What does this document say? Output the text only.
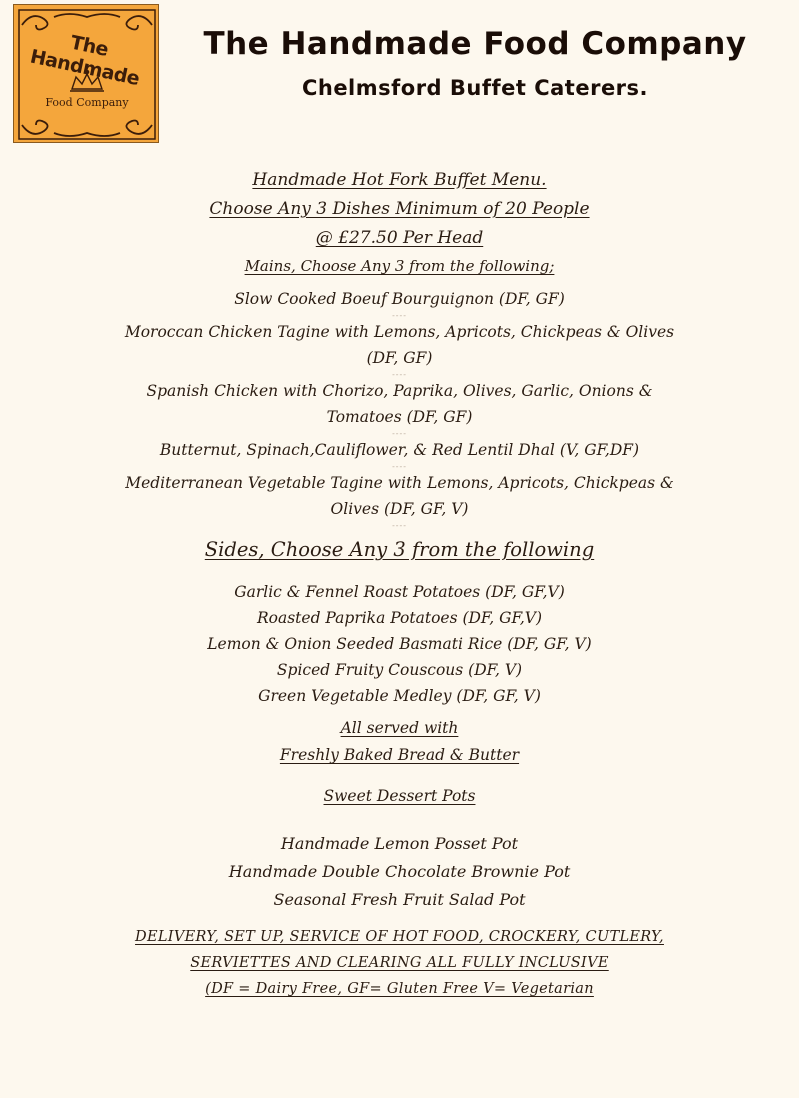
The Handmade
Food Company
The Handmade Food Company
Chelmsford Buffet Caterers.
Handmade Hot Fork Buffet Menu.
Choose Any 3 Dishes Minimum of 20 People
@ £27.50 Per Head
Mains, Choose Any 3 from the following;
Slow Cooked Boeuf Bourguignon (DF, GF)
----
Moroccan Chicken Tagine with Lemons, Apricots, Chickpeas & Olives
(DF, GF)
----
Spanish Chicken with Chorizo, Paprika, Olives, Garlic, Onions &
Tomatoes (DF, GF)
----
Butternut, Spinach,Cauliflower, & Red Lentil Dhal (V, GF,DF)
----
Mediterranean Vegetable Tagine with Lemons, Apricots, Chickpeas &
Olives (DF, GF, V)
----
Sides, Choose Any 3 from the following
Garlic & Fennel Roast Potatoes (DF, GF,V)
Roasted Paprika Potatoes (DF, GF,V)
Lemon & Onion Seeded Basmati Rice (DF, GF, V)
Spiced Fruity Couscous (DF, V)
Green Vegetable Medley (DF, GF, V)
All served with
Freshly Baked Bread & Butter
Sweet Dessert Pots
Handmade Lemon Posset Pot
Handmade Double Chocolate Brownie Pot
Seasonal Fresh Fruit Salad Pot
DELIVERY, SET UP, SERVICE OF HOT FOOD, CROCKERY, CUTLERY,
SERVIETTES AND CLEARING ALL FULLY INCLUSIVE
(DF = Dairy Free, GF= Gluten Free V= Vegetarian
